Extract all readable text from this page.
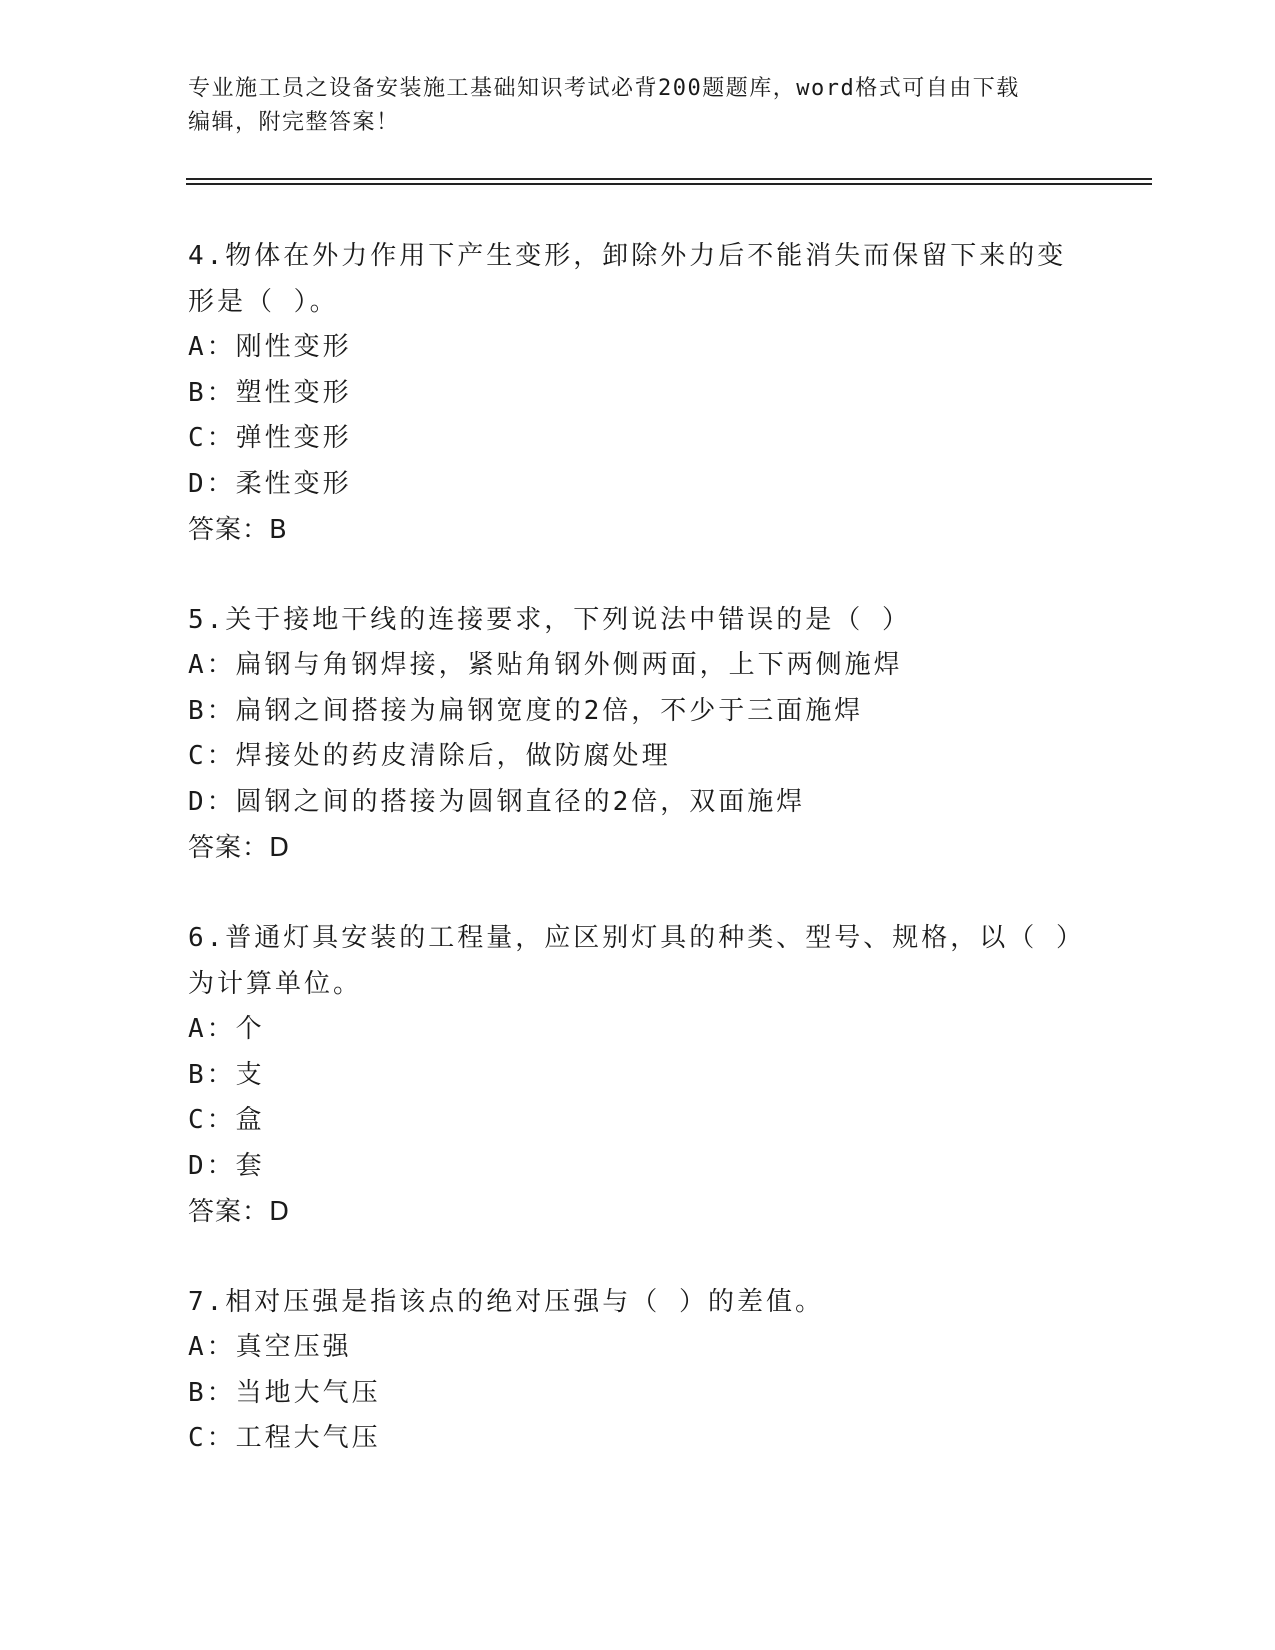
专业施工员之设备安装施工基础知识考试必背200题题库，word格式可自由下载
编辑，附完整答案！
4.物体在外力作用下产生变形，卸除外力后不能消失而保留下来的变
形是（ ）。
A：刚性变形
B：塑性变形
C：弹性变形
D：柔性变形
答案：B
5.关于接地干线的连接要求，下列说法中错误的是（ ）
A：扁钢与角钢焊接，紧贴角钢外侧两面，上下两侧施焊
B：扁钢之间搭接为扁钢宽度的2倍，不少于三面施焊
C：焊接处的药皮清除后，做防腐处理
D：圆钢之间的搭接为圆钢直径的2倍，双面施焊
答案：D
6.普通灯具安装的工程量，应区别灯具的种类、型号、规格，以（ ）
为计算单位。
A：个
B：支
C：盒
D：套
答案：D
7.相对压强是指该点的绝对压强与（ ）的差值。
A：真空压强
B：当地大气压
C：工程大气压
